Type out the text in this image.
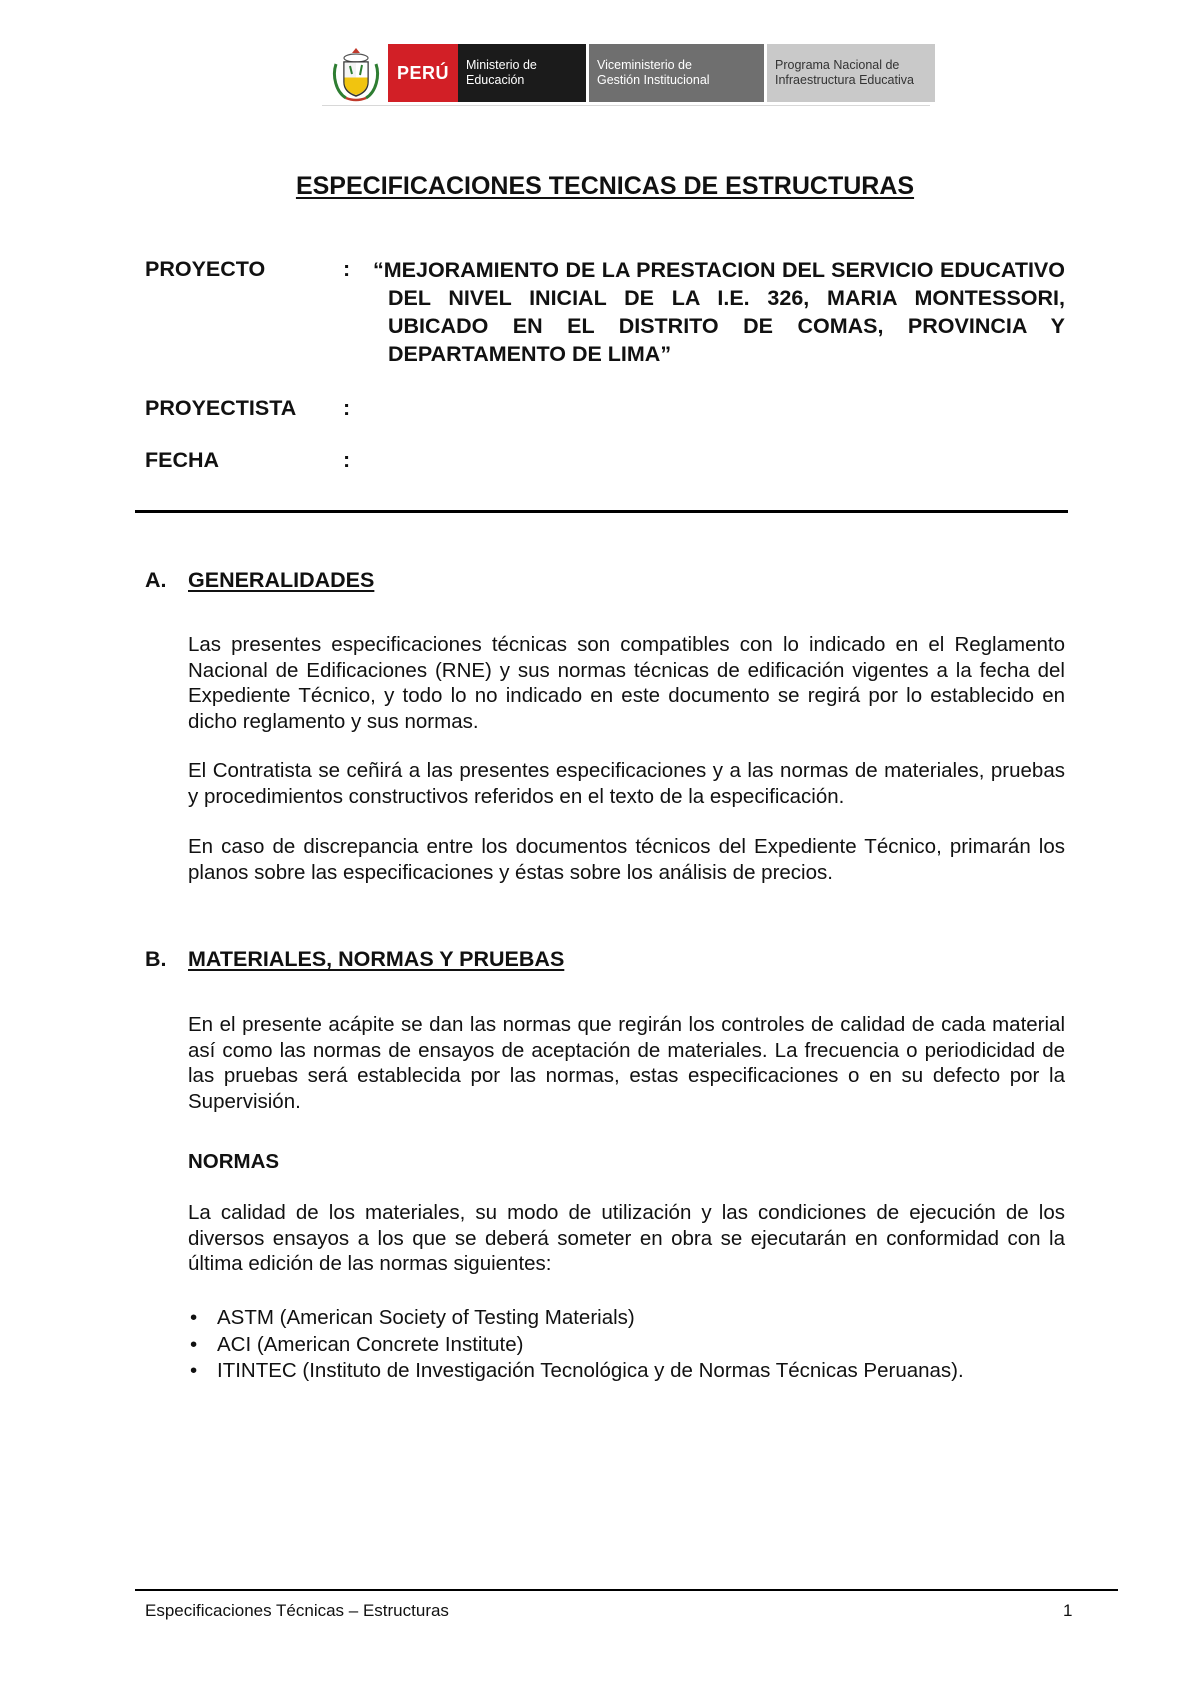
PERÚ Ministerio de
Educación
Viceministerio de
Gestión Institucional
Programa Nacional de
Infraestructura Educativa
ESPECIFICACIONES TECNICAS DE ESTRUCTURAS
PROYECTO	: “MEJORAMIENTO DE LA PRESTACION DEL SERVICIO EDUCATIVO DEL NIVEL INICIAL DE LA I.E. 326, MARIA MONTESSORI, UBICADO EN EL DISTRITO DE COMAS, PROVINCIA Y DEPARTAMENTO DE LIMA”
PROYECTISTA :
FECHA	:
A. GENERALIDADES
Las presentes especificaciones técnicas son compatibles con lo indicado en el Reglamento Nacional de Edificaciones (RNE) y sus normas técnicas de edificación vigentes a la fecha del Expediente Técnico, y todo lo no indicado en este documento se regirá por lo establecido en dicho reglamento y sus normas.
El Contratista se ceñirá a las presentes especificaciones y a las normas de materiales, pruebas y procedimientos constructivos referidos en el texto de la especificación.
En caso de discrepancia entre los documentos técnicos del Expediente Técnico, primarán los planos sobre las especificaciones y éstas sobre los análisis de precios.
B. MATERIALES, NORMAS Y PRUEBAS
En el presente acápite se dan las normas que regirán los controles de calidad de cada material así como las normas de ensayos de aceptación de materiales. La frecuencia o periodicidad de las pruebas será establecida por las normas, estas especificaciones o en su defecto por la Supervisión.
NORMAS
La calidad de los materiales, su modo de utilización y las condiciones de ejecución de los diversos ensayos a los que se deberá someter en obra se ejecutarán en conformidad con la última edición de las normas siguientes:
• ASTM (American Society of Testing Materials)
• ACI (American Concrete Institute)
• ITINTEC (Instituto de Investigación Tecnológica y de Normas Técnicas Peruanas).
Especificaciones Técnicas – Estructuras	1
